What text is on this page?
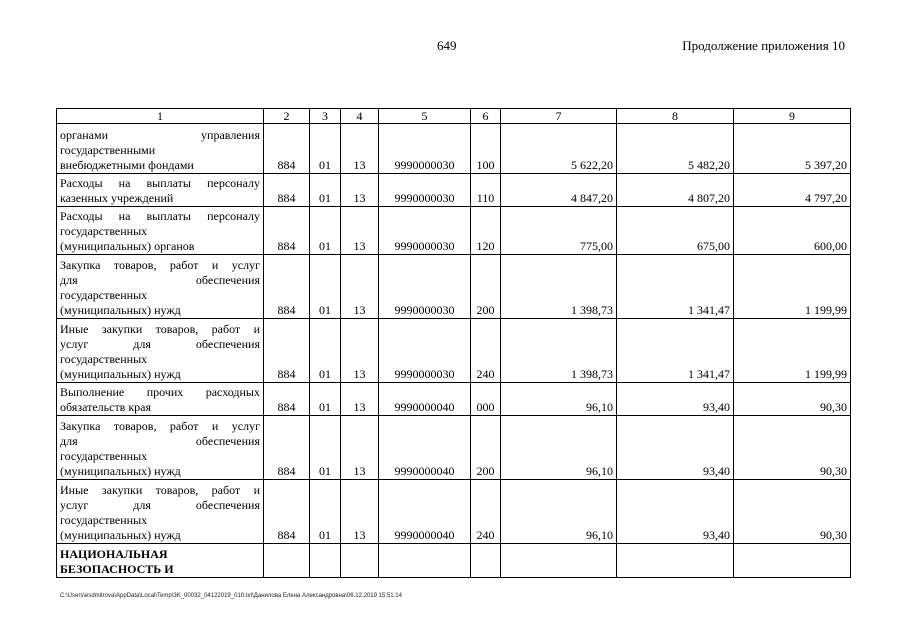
649	Продолжение приложения 10
1	2	3	4	5	6	7	8	9

органами управления
государственными
внебюджетными фондами	884	01	13	9990000030	100	5 622,20	5 482,20	5 397,20

Расходы на выплаты персоналу
казенных учреждений	884	01	13	9990000030	110	4 847,20	4 807,20	4 797,20

Расходы на выплаты персоналу
государственных
(муниципальных) органов	884	01	13	9990000030	120	775,00	675,00	600,00

Закупка товаров, работ и услуг
для обеспечения
государственных
(муниципальных) нужд	884	01	13	9990000030	200	1 398,73	1 341,47	1 199,99

Иные закупки товаров, работ и
услуг для обеспечения
государственных
(муниципальных) нужд	884	01	13	9990000030	240	1 398,73	1 341,47	1 199,99

Выполнение прочих расходных
обязательств края	884	01	13	9990000040	000	96,10	93,40	90,30

Закупка товаров, работ и услуг
для обеспечения
государственных
(муниципальных) нужд	884	01	13	9990000040	200	96,10	93,40	90,30

Иные закупки товаров, работ и
услуг для обеспечения
государственных
(муниципальных) нужд	884	01	13	9990000040	240	96,10	93,40	90,30

НАЦИОНАЛЬНАЯ
БЕЗОПАСНОСТЬ И								

C:\Users\esdmitrova\AppData\Local\Temp\3K_00032_04122019_010.txt\Данилова Елена Александровна\06.12.2019 15:51:14
